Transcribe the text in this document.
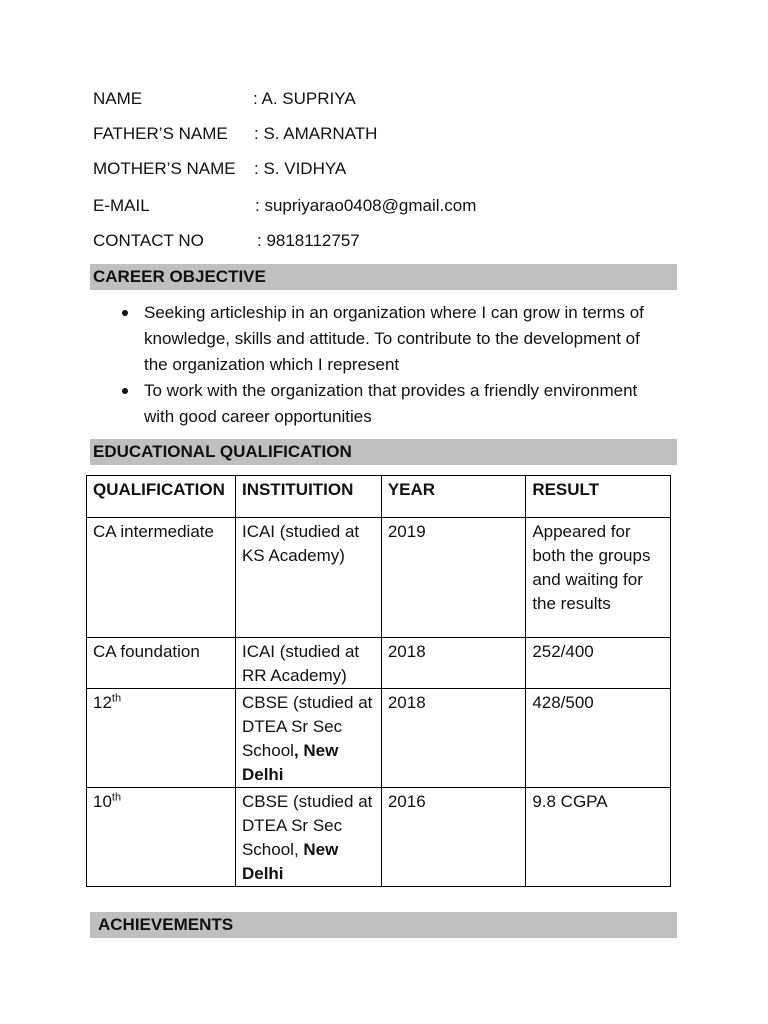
NAME	: A. SUPRIYA
FATHER’S NAME : S. AMARNATH
MOTHER’S NAME : S. VIDHYA
E-MAIL	: supriyarao0408@gmail.com
CONTACT NO	: 9818112757
CAREER OBJECTIVE
Seeking articleship in an organization where I can grow in terms of knowledge, skills and attitude. To contribute to the development of the organization which I represent
To work with the organization that provides a friendly environment with good career opportunities
EDUCATIONAL QUALIFICATION
QUALIFICATION	INSTITUITION	YEAR	RESULT
CA intermediate	ICAI (studied at KS Academy)	2019	Appeared for both the groups and waiting for the results
CA foundation	ICAI (studied at RR Academy)	2018	252/400
12th	CBSE (studied at DTEA Sr Sec School, New Delhi	2018	428/500
10th	CBSE (studied at DTEA Sr Sec School, New Delhi	2016	9.8 CGPA
ACHIEVEMENTS
